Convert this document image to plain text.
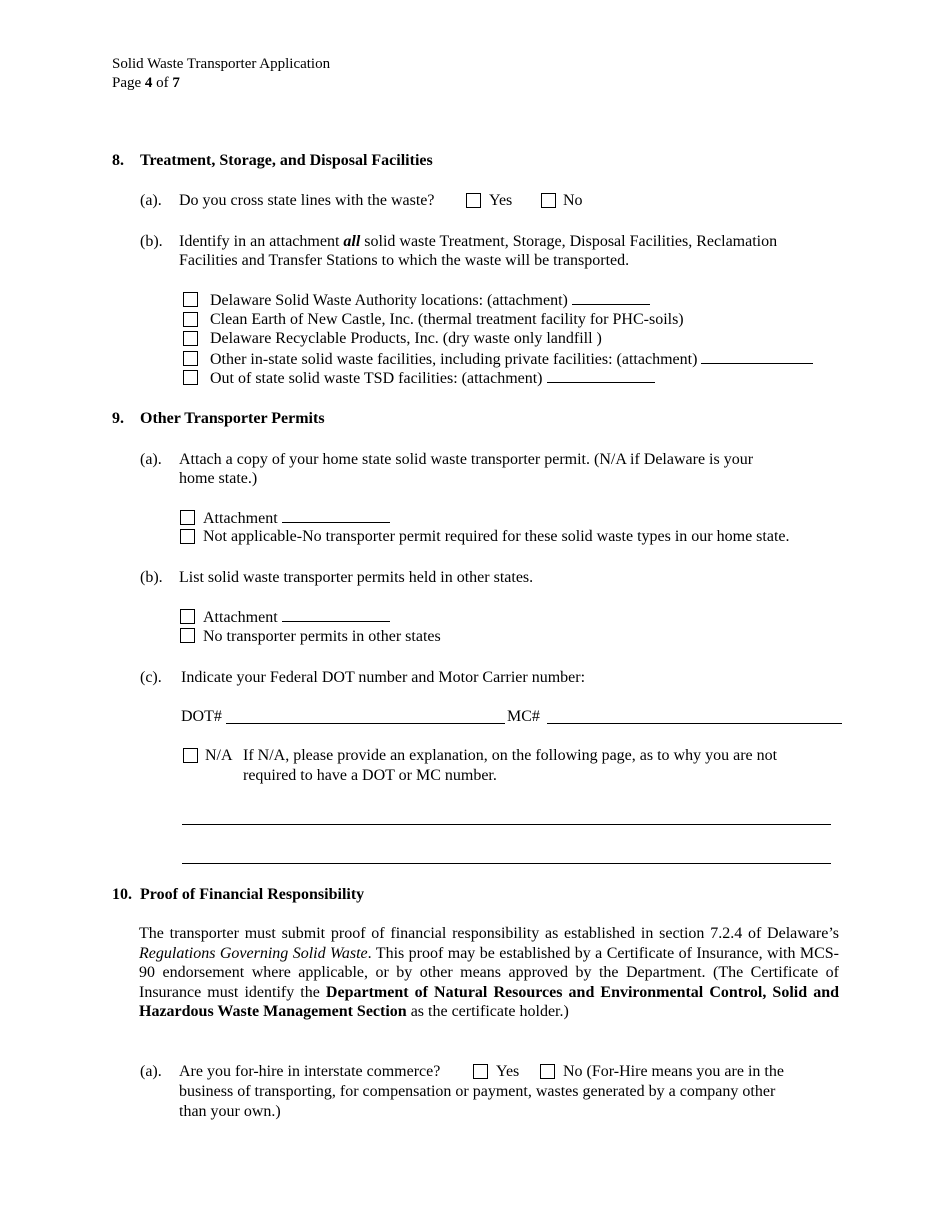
Solid Waste Transporter Application
Page 4 of 7
8. Treatment, Storage, and Disposal Facilities
(a). Do you cross state lines with the waste?	Yes	No
(b). Identify in an attachment all solid waste Treatment, Storage, Disposal Facilities, Reclamation
Facilities and Transfer Stations to which the waste will be transported.
Delaware Solid Waste Authority locations: (attachment)
Clean Earth of New Castle, Inc. (thermal treatment facility for PHC-soils)
Delaware Recyclable Products, Inc. (dry waste only landfill )
Other in-state solid waste facilities, including private facilities: (attachment)
Out of state solid waste TSD facilities: (attachment)
9. Other Transporter Permits
(a). Attach a copy of your home state solid waste transporter permit. (N/A if Delaware is your
home state.)
Attachment
Not applicable-No transporter permit required for these solid waste types in our home state.
(b). List solid waste transporter permits held in other states.
Attachment
No transporter permits in other states
(c). Indicate your Federal DOT number and Motor Carrier number:
DOT#	MC#
N/A If N/A, please provide an explanation, on the following page, as to why you are not
required to have a DOT or MC number.
10. Proof of Financial Responsibility
The transporter must submit proof of financial responsibility as established in section 7.2.4 of Delaware’s Regulations Governing Solid Waste. This proof may be established by a Certificate of Insurance, with MCS-90 endorsement where applicable, or by other means approved by the Department. (The Certificate of Insurance must identify the Department of Natural Resources and Environmental Control, Solid and Hazardous Waste Management Section as the certificate holder.)
(a). Are you for-hire in interstate commerce?	Yes	No (For-Hire means you are in the
business of transporting, for compensation or payment, wastes generated by a company other
than your own.)
